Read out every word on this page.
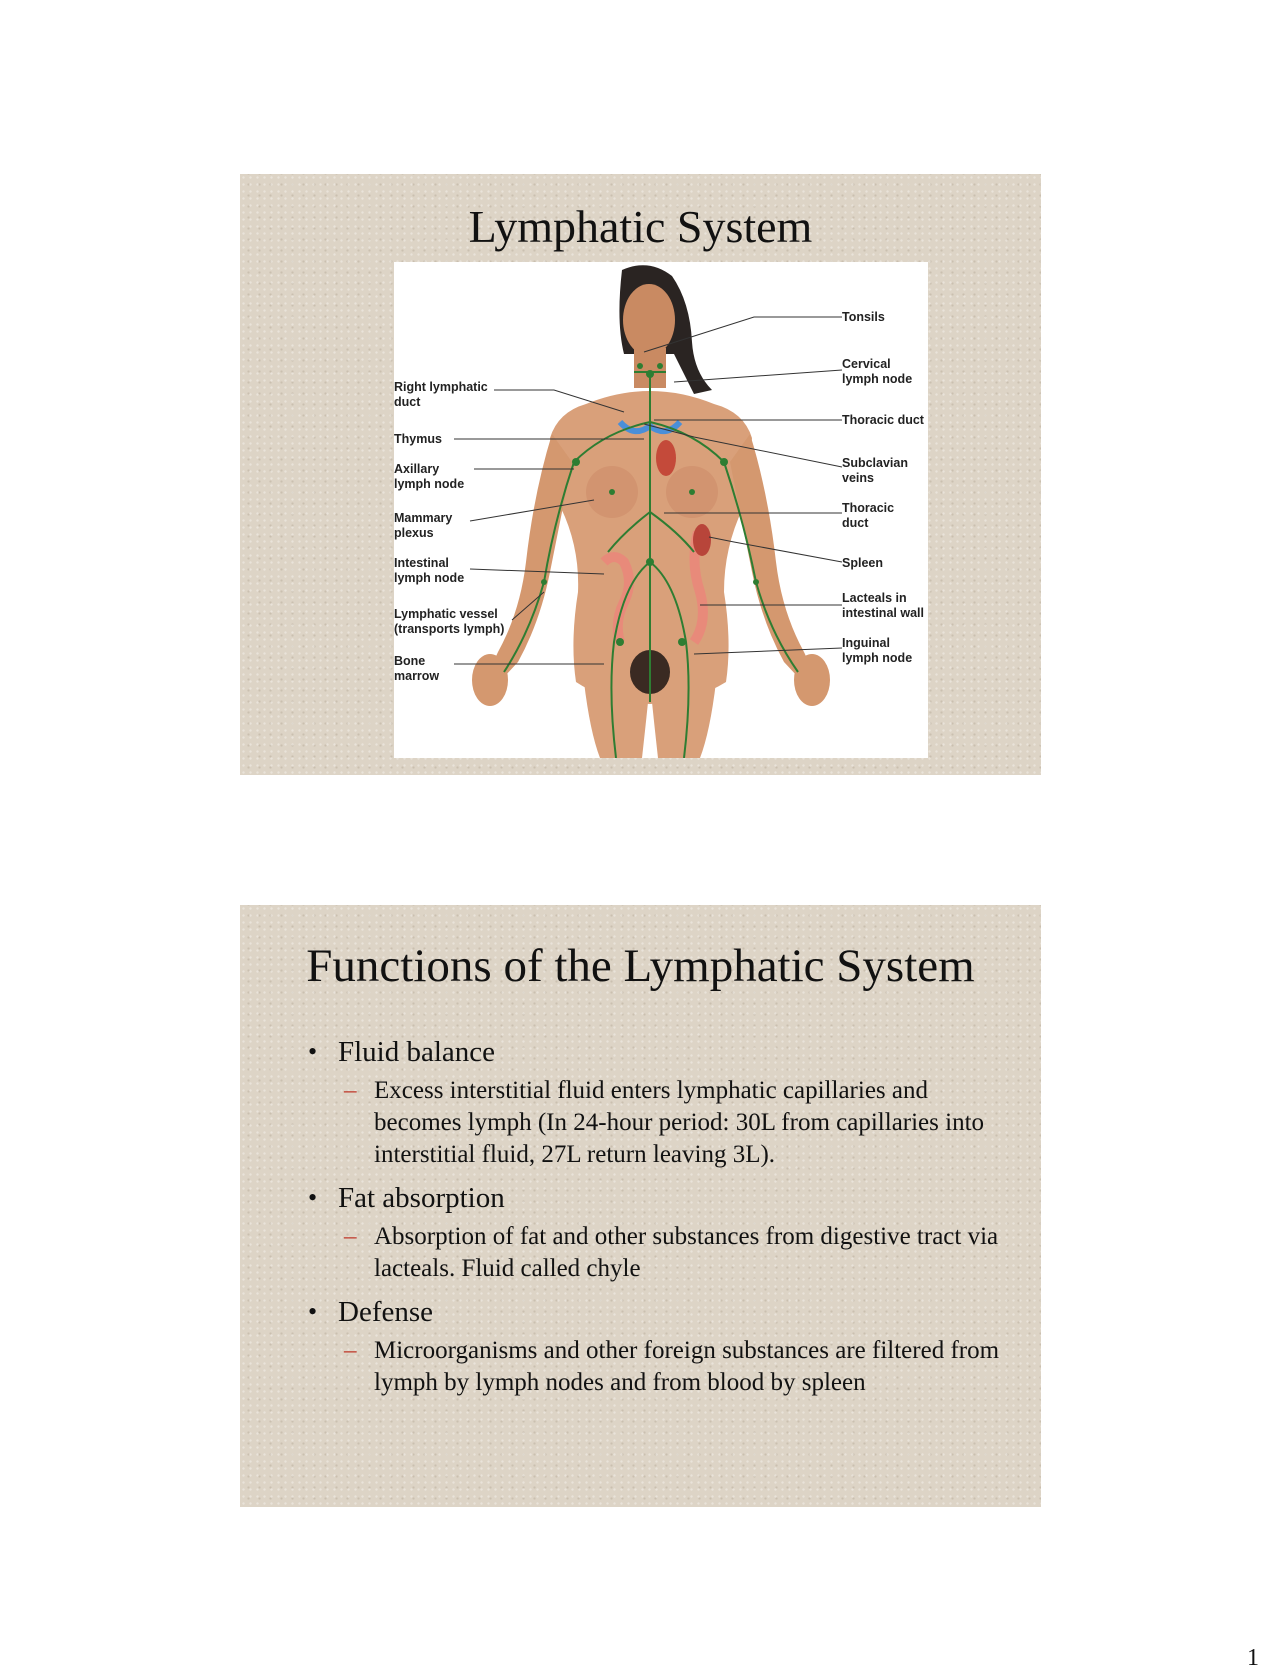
Lymphatic System
Right lymphatic
duct
Thymus
Axillary
lymph node
Mammary
plexus
Intestinal
lymph node
Lymphatic vessel
(transports lymph)
Bone
marrow
Tonsils
Cervical
lymph node
Thoracic duct
Subclavian
veins
Thoracic
duct
Spleen
Lacteals in
intestinal wall
Inguinal
lymph node
Functions of the Lymphatic System
• Fluid balance
– Excess interstitial fluid enters lymphatic capillaries and becomes lymph (In 24-hour period: 30L from capillaries into interstitial fluid, 27L return leaving 3L).
• Fat absorption
– Absorption of fat and other substances from digestive tract via lacteals. Fluid called chyle
• Defense
– Microorganisms and other foreign substances are filtered from lymph by lymph nodes and from blood by spleen
1
